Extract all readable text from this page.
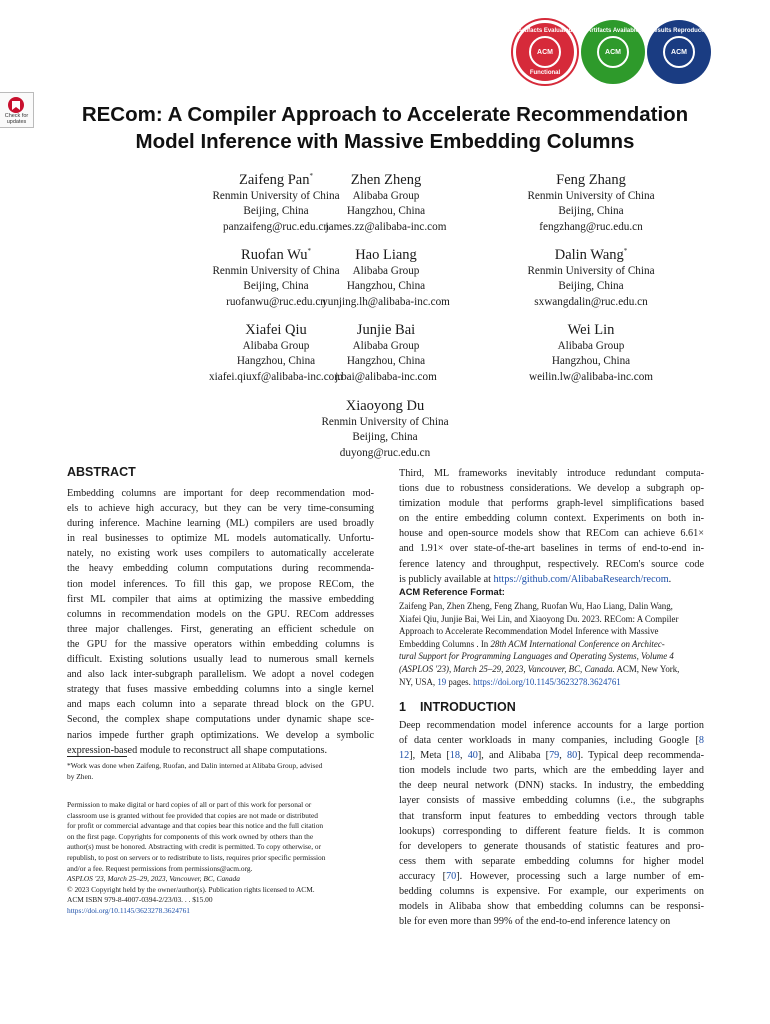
Check for
updates
Artifacts Evaluated
ACM
Functional
Artifacts Available
ACM
Results Reproduced
ACM
RECom: A Compiler Approach to Accelerate Recommendation
Model Inference with Massive Embedding Columns
Zaifeng Pan*
Renmin University of China
Beijing, China
panzaifeng@ruc.edu.cn
Zhen Zheng
Alibaba Group
Hangzhou, China
james.zz@alibaba-inc.com
Feng Zhang
Renmin University of China
Beijing, China
fengzhang@ruc.edu.cn
Ruofan Wu*
Renmin University of China
Beijing, China
ruofanwu@ruc.edu.cn
Hao Liang
Alibaba Group
Hangzhou, China
yunjing.lh@alibaba-inc.com
Dalin Wang*
Renmin University of China
Beijing, China
sxwangdalin@ruc.edu.cn
Xiafei Qiu
Alibaba Group
Hangzhou, China
xiafei.qiuxf@alibaba-inc.com
Junjie Bai
Alibaba Group
Hangzhou, China
j.bai@alibaba-inc.com
Wei Lin
Alibaba Group
Hangzhou, China
weilin.lw@alibaba-inc.com
Xiaoyong Du
Renmin University of China
Beijing, China
duyong@ruc.edu.cn
ABSTRACT
Embedding columns are important for deep recommendation mod-
els to achieve high accuracy, but they can be very time-consuming
during inference. Machine learning (ML) compilers are used broadly
in real businesses to optimize ML models automatically. Unfortu-
nately, no existing work uses compilers to automatically accelerate
the heavy embedding column computations during recommenda-
tion model inferences. To fill this gap, we propose RECom, the
first ML compiler that aims at optimizing the massive embedding
columns in recommendation models on the GPU. RECom addresses
three major challenges. First, generating an efficient schedule on
the GPU for the massive operators within embedding columns is
difficult. Existing solutions usually lead to numerous small kernels
and also lack inter-subgraph parallelism. We adopt a novel codegen
strategy that fuses massive embedding columns into a single kernel
and maps each column into a separate thread block on the GPU.
Second, the complex shape computations under dynamic shape sce-
narios impede further graph optimizations. We develop a symbolic
expression-based module to reconstruct all shape computations.
*Work was done when Zaifeng, Ruofan, and Dalin interned at Alibaba Group, advised
by Zhen.
Permission to make digital or hard copies of all or part of this work for personal or
classroom use is granted without fee provided that copies are not made or distributed
for profit or commercial advantage and that copies bear this notice and the full citation
on the first page. Copyrights for components of this work owned by others than the
author(s) must be honored. Abstracting with credit is permitted. To copy otherwise, or
republish, to post on servers or to redistribute to lists, requires prior specific permission
and/or a fee. Request permissions from permissions@acm.org.
ASPLOS '23, March 25–29, 2023, Vancouver, BC, Canada
© 2023 Copyright held by the owner/author(s). Publication rights licensed to ACM.
ACM ISBN 979-8-4007-0394-2/23/03. . . $15.00
https://doi.org/10.1145/3623278.3624761
Third, ML frameworks inevitably introduce redundant computa-
tions due to robustness considerations. We develop a subgraph op-
timization module that performs graph-level simplifications based
on the entire embedding column context. Experiments on both in-
house and open-source models show that RECom can achieve 6.61×
and 1.91× over state-of-the-art baselines in terms of end-to-end in-
ference latency and throughput, respectively. RECom's source code
is publicly available at https://github.com/AlibabaResearch/recom.
ACM Reference Format:
Zaifeng Pan, Zhen Zheng, Feng Zhang, Ruofan Wu, Hao Liang, Dalin Wang,
Xiafei Qiu, Junjie Bai, Wei Lin, and Xiaoyong Du. 2023. RECom: A Compiler
Approach to Accelerate Recommendation Model Inference with Massive
Embedding Columns . In 28th ACM International Conference on Architec-
tural Support for Programming Languages and Operating Systems, Volume 4
(ASPLOS '23), March 25–29, 2023, Vancouver, BC, Canada. ACM, New York,
NY, USA, 19 pages. https://doi.org/10.1145/3623278.3624761
1 INTRODUCTION
Deep recommendation model inference accounts for a large portion
of data center workloads in many companies, including Google [8
12], Meta [18, 40], and Alibaba [79, 80]. Typical deep recommenda-
tion models include two parts, which are the embedding layer and
the deep neural network (DNN) stacks. In industry, the embedding
layer consists of massive embedding columns (i.e., the subgraphs
that transform input features to embedding vectors through table
lookups) corresponding to different feature fields. It is common
for developers to generate thousands of statistic features and pro-
cess them with separate embedding columns for higher model
accuracy [70]. However, processing such a large number of em-
bedding columns is expensive. For example, our experiments on
models in Alibaba show that embedding columns can be responsi-
ble for even more than 99% of the end-to-end inference latency on
